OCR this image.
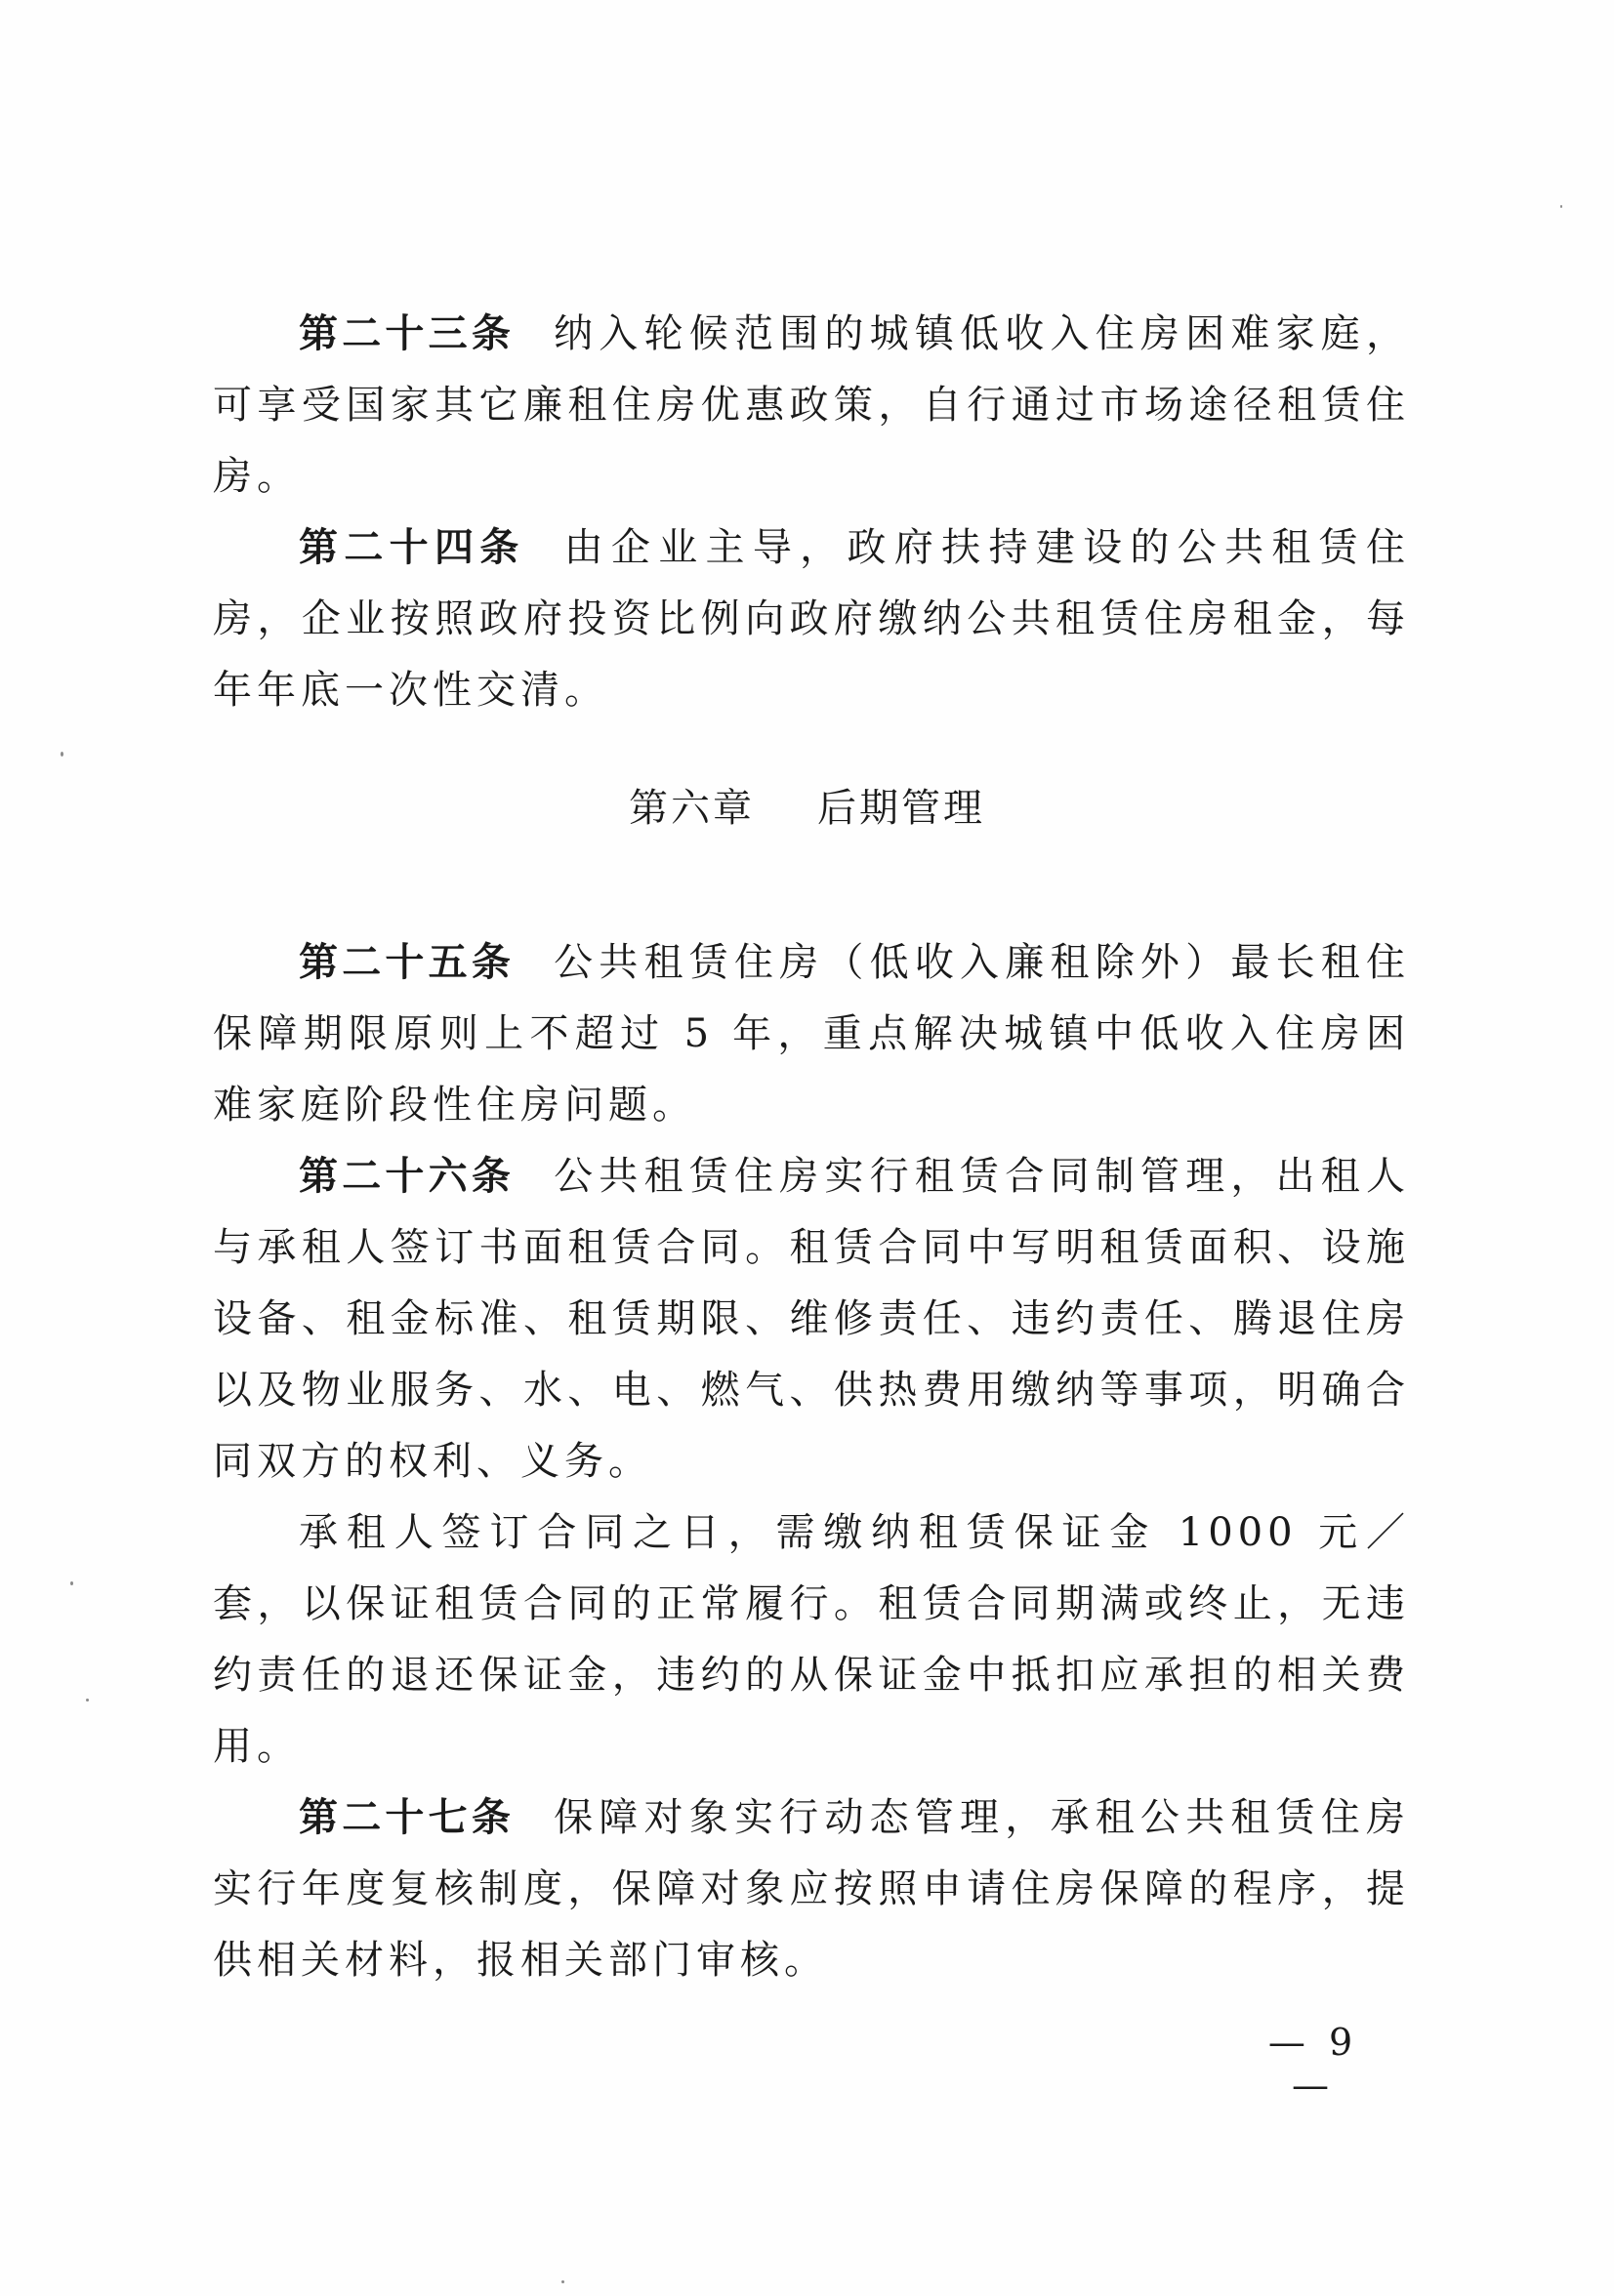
第二十三条 纳入轮候范围的城镇低收入住房困难家庭，可享受国家其它廉租住房优惠政策，自行通过市场途径租赁住房。

第二十四条 由企业主导，政府扶持建设的公共租赁住房，企业按照政府投资比例向政府缴纳公共租赁住房租金，每年年底一次性交清。

第六章 后期管理

第二十五条 公共租赁住房（低收入廉租除外）最长租住保障期限原则上不超过 5 年，重点解决城镇中低收入住房困难家庭阶段性住房问题。

第二十六条 公共租赁住房实行租赁合同制管理，出租人与承租人签订书面租赁合同。租赁合同中写明租赁面积、设施设备、租金标准、租赁期限、维修责任、违约责任、腾退住房以及物业服务、水、电、燃气、供热费用缴纳等事项，明确合同双方的权利、义务。

承租人签订合同之日，需缴纳租赁保证金 1000 元／套，以保证租赁合同的正常履行。租赁合同期满或终止，无违约责任的退还保证金，违约的从保证金中抵扣应承担的相关费用。

第二十七条 保障对象实行动态管理，承租公共租赁住房实行年度复核制度，保障对象应按照申请住房保障的程序，提供相关材料，报相关部门审核。

— 9 —
